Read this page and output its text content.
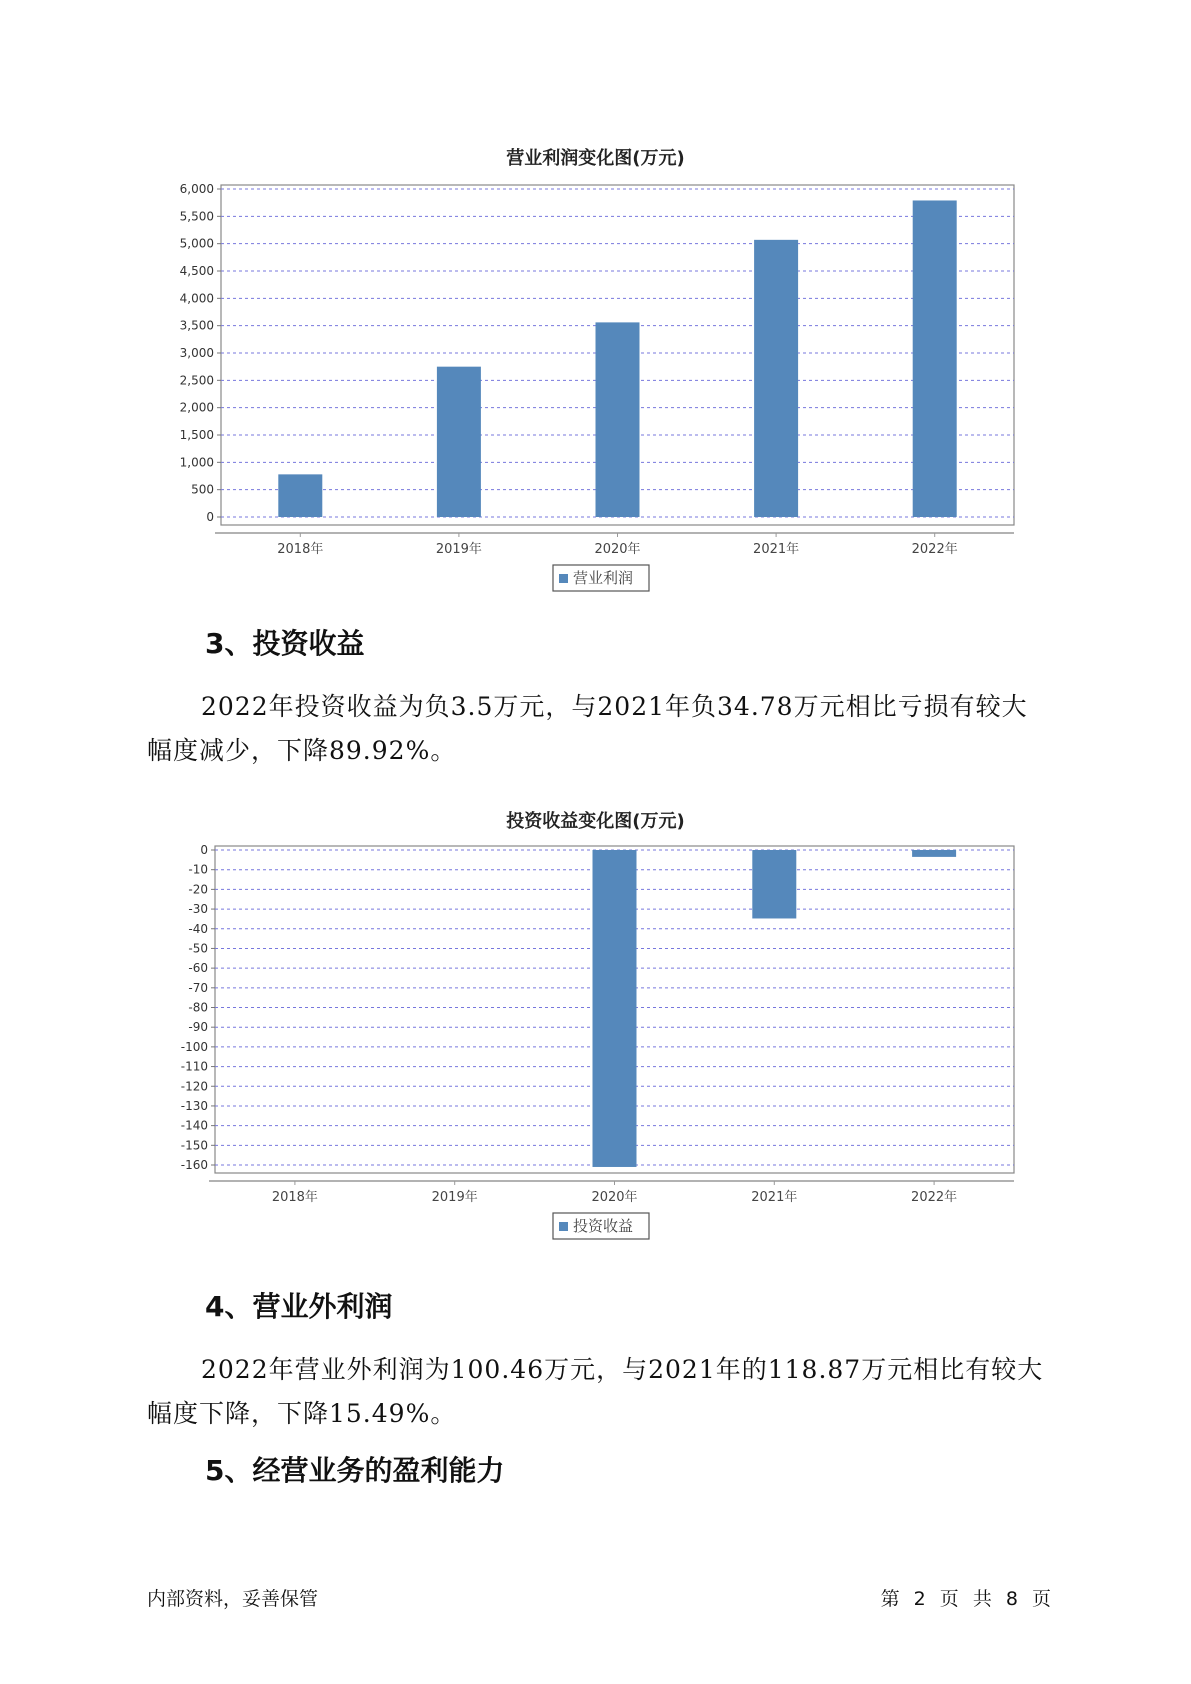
营业利润变化图(万元)
0
500
1,000
1,500
2,000
2,500
3,000
3,500
4,000
4,500
5,000
5,500
6,000
2018年	2019年	2020年	2021年	2022年
营业利润
3、投资收益
2022年投资收益为负3.5万元，与2021年负34.78万元相比亏损有较大幅度减少，下降89.92%。
投资收益变化图(万元)
0
-10
-20
-30
-40
-50
-60
-70
-80
-90
-100
-110
-120
-130
-140
-150
-160
2018年	2019年	2020年	2021年	2022年
投资收益
4、营业外利润
2022年营业外利润为100.46万元，与2021年的118.87万元相比有较大幅度下降，下降15.49%。
5、经营业务的盈利能力
内部资料，妥善保管	第 2 页 共 8 页
